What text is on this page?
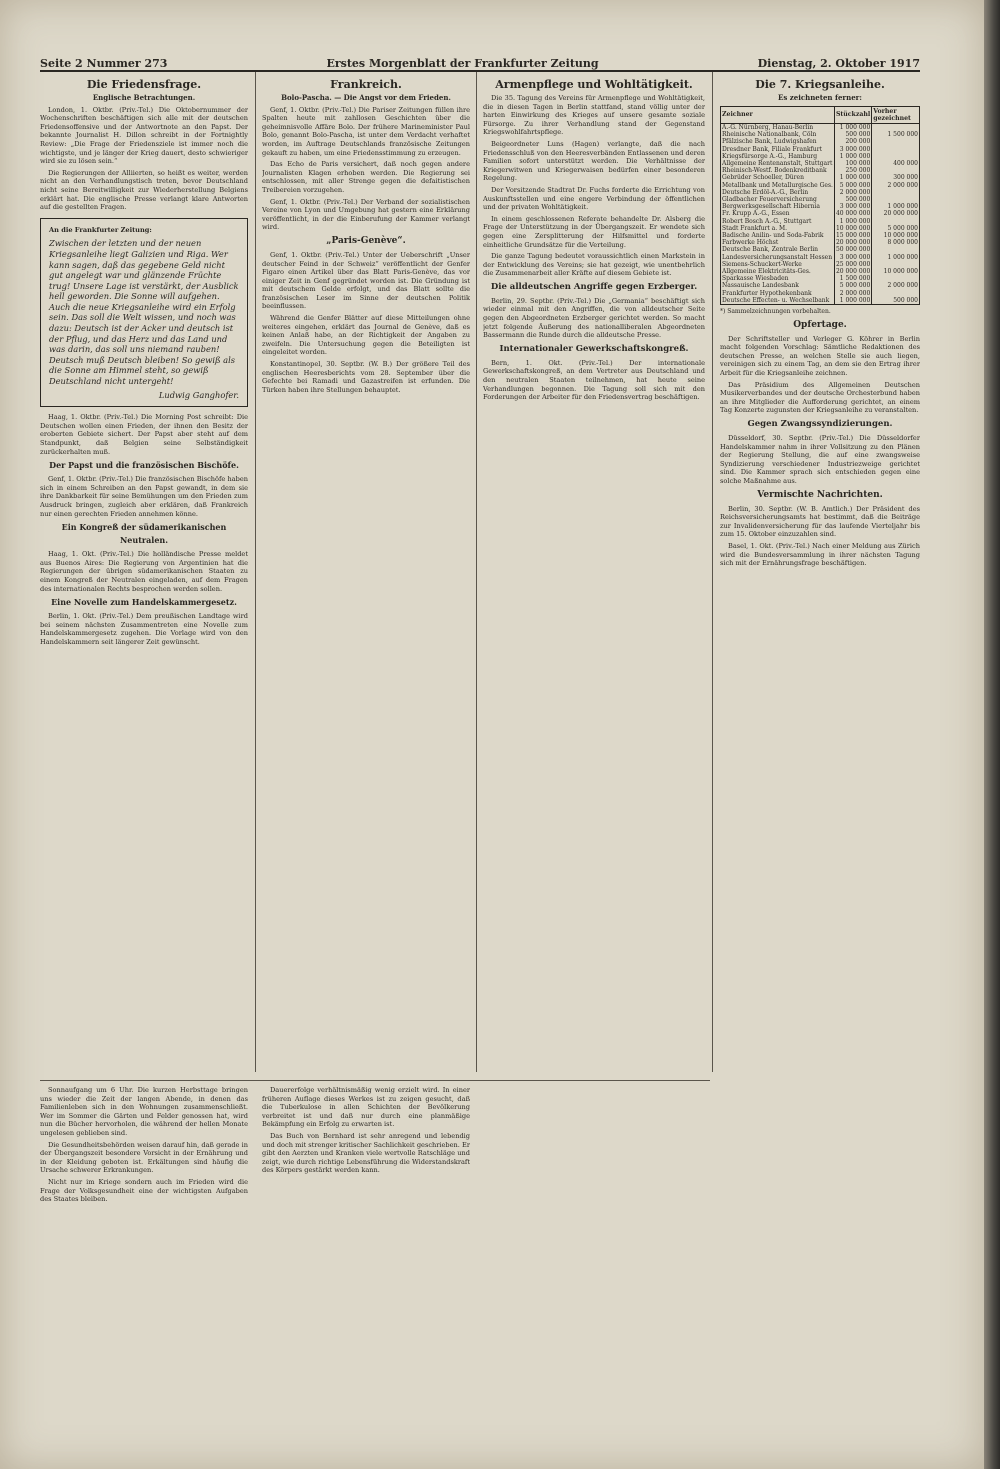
Seite 2 Nummer 273	Erstes Morgenblatt der Frankfurter Zeitung	Dienstag, 2. Oktober 1917
Die Friedensfrage.
Englische Betrachtungen.

London, 1. Oktbr. (Priv.-Tel.) Die Oktobernummer der Wochenschriften beschäftigen sich alle mit der deutschen Friedensoffensive und der Antwortnote an den Papst. Der bekannte Journalist H. Dillon schreibt in der Fortnightly Review: „Die Frage der Friedensziele ist immer noch die wichtigste, und je länger der Krieg dauert, desto schwieriger wird sie zu lösen sein.“

Die Regierungen der Alliierten, so heißt es weiter, werden nicht an den Verhandlungstisch treten, bevor Deutschland nicht seine Bereitwilligkeit zur Wiederherstellung Belgiens erklärt hat. Die englische Presse verlangt klare Antworten auf die gestellten Fragen.

An die Frankfurter Zeitung:
Zwischen der letzten und der neuen Kriegsanleihe liegt Galizien und Riga. Wer kann sagen, daß das gegebene Geld nicht gut angelegt war und glänzende Früchte trug! Unsere Lage ist verstärkt, der Ausblick hell geworden. Die Sonne will aufgehen. Auch die neue Kriegsanleihe wird ein Erfolg sein. Das soll die Welt wissen, und noch was dazu: Deutsch ist der Acker und deutsch ist der Pflug, und das Herz und das Land und was darin, das soll uns niemand rauben! Deutsch muß Deutsch bleiben! So gewiß als die Sonne am Himmel steht, so gewiß Deutschland nicht untergeht!
Ludwig Ganghofer.

Haag, 1. Oktbr. (Priv.-Tel.) Die Morning Post schreibt: Die Deutschen wollen einen Frieden, der ihnen den Besitz der eroberten Gebiete sichert. Der Papst aber steht auf dem Standpunkt, daß Belgien seine Selbständigkeit zurückerhalten muß.

Der Papst und die französischen Bischöfe.

Genf, 1. Oktbr. (Priv.-Tel.) Die französischen Bischöfe haben sich in einem Schreiben an den Papst gewandt, in dem sie ihre Dankbarkeit für seine Bemühungen um den Frieden zum Ausdruck bringen, zugleich aber erklären, daß Frankreich nur einen gerechten Frieden annehmen könne.

Ein Kongreß der südamerikanischen Neutralen.

Haag, 1. Okt. (Priv.-Tel.) Die holländische Presse meldet aus Buenos Aires: Die Regierung von Argentinien hat die Regierungen der übrigen südamerikanischen Staaten zu einem Kongreß der Neutralen eingeladen, auf dem Fragen des internationalen Rechts besprochen werden sollen.

Eine Novelle zum Handelskammergesetz.

Berlin, 1. Okt. (Priv.-Tel.) Dem preußischen Landtage wird bei seinem nächsten Zusammentreten eine Novelle zum Handelskammergesetz zugehen. Die Vorlage wird von den Handelskammern seit längerer Zeit gewünscht.

Frankreich.
Bolo-Pascha. — Die Angst vor dem Frieden.

Genf, 1. Oktbr. (Priv.-Tel.) Die Pariser Zeitungen füllen ihre Spalten heute mit zahllosen Geschichten über die geheimnisvolle Affäre Bolo. Der frühere Marineminister Paul Bolo, genannt Bolo-Pascha, ist unter dem Verdacht verhaftet worden, im Auftrage Deutschlands französische Zeitungen gekauft zu haben, um eine Friedensstimmung zu erzeugen.

Das Echo de Paris versichert, daß noch gegen andere Journalisten Klagen erhoben werden. Die Regierung sei entschlossen, mit aller Strenge gegen die defaitistischen Treibereien vorzugehen.

Genf, 1. Oktbr. (Priv.-Tel.) Der Verband der sozialistischen Vereine von Lyon und Umgebung hat gestern eine Erklärung veröffentlicht, in der die Einberufung der Kammer verlangt wird.

„Paris-Genève“.

Genf, 1. Oktbr. (Priv.-Tel.) Unter der Ueberschrift „Unser deutscher Feind in der Schweiz“ veröffentlicht der Genfer Figaro einen Artikel über das Blatt Paris-Genève, das vor einiger Zeit in Genf gegründet worden ist. Die Gründung ist mit deutschem Gelde erfolgt, und das Blatt sollte die französischen Leser im Sinne der deutschen Politik beeinflussen.

Während die Genfer Blätter auf diese Mitteilungen ohne weiteres eingehen, erklärt das Journal de Genève, daß es keinen Anlaß habe, an der Richtigkeit der Angaben zu zweifeln. Die Untersuchung gegen die Beteiligten ist eingeleitet worden.

Konstantinopel, 30. Septbr. (W. B.) Der größere Teil des englischen Heeresberichts vom 28. September über die Gefechte bei Ramadi und Gazastreifen ist erfunden. Die Türken haben ihre Stellungen behauptet.

Armenpflege und Wohltätigkeit.

Die 35. Tagung des Vereins für Armenpflege und Wohltätigkeit, die in diesen Tagen in Berlin stattfand, stand völlig unter der harten Einwirkung des Krieges auf unsere gesamte soziale Fürsorge. Zu ihrer Verhandlung stand der Gegenstand Kriegswohlfahrtspflege.

Beigeordneter Luns (Hagen) verlangte, daß die nach Friedensschluß von den Heeresverbänden Entlassenen und deren Familien sofort unterstützt werden. Die Verhältnisse der Kriegerwitwen und Kriegerwaisen bedürfen einer besonderen Regelung.

Der Vorsitzende Stadtrat Dr. Fuchs forderte die Errichtung von Auskunftsstellen und eine engere Verbindung der öffentlichen und der privaten Wohltätigkeit.

In einem geschlossenen Referate behandelte Dr. Alsberg die Frage der Unterstützung in der Übergangszeit. Er wendete sich gegen eine Zersplitterung der Hilfsmittel und forderte einheitliche Grundsätze für die Verteilung.

Die ganze Tagung bedeutet voraussichtlich einen Markstein in der Entwicklung des Vereins; sie hat gezeigt, wie unentbehrlich die Zusammenarbeit aller Kräfte auf diesem Gebiete ist.

Die alldeutschen Angriffe gegen Erzberger.

Berlin, 29. Septbr. (Priv.-Tel.) Die „Germania“ beschäftigt sich wieder einmal mit den Angriffen, die von alldeutscher Seite gegen den Abgeordneten Erzberger gerichtet werden. So macht jetzt folgende Äußerung des nationalliberalen Abgeordneten Bassermann die Runde durch die alldeutsche Presse.

Internationaler Gewerkschaftskongreß.

Bern, 1. Okt. (Priv.-Tel.) Der internationale Gewerkschaftskongreß, an dem Vertreter aus Deutschland und den neutralen Staaten teilnehmen, hat heute seine Verhandlungen begonnen. Die Tagung soll sich mit den Forderungen der Arbeiter für den Friedensvertrag beschäftigen.

Die 7. Kriegsanleihe.
Es zeichneten ferner:
Zeichner	Stückzahl	Vorher gezeichnet
A.-G. Nürnberg, Hanau-Berlin	1 000 000	
Rheinische Nationalbank, Cöln	500 000	1 500 000
Pfälzische Bank, Ludwigshafen	200 000	
Dresdner Bank, Filiale Frankfurt	3 000 000	
Kriegsfürsorge A.-G., Hamburg	1 000 000	
Allgemeine Rentenanstalt, Stuttgart	100 000	400 000
Rheinisch-Westf. Bodenkreditbank	250 000	
Gebrüder Schoeller, Düren	1 000 000	300 000
Metallbank und Metallurgische Ges.	5 000 000	2 000 000
Deutsche Erdöl-A.-G., Berlin	2 000 000	
Gladbacher Feuerversicherung	500 000	
Bergwerksgesellschaft Hibernia	3 000 000	1 000 000
Fr. Krupp A.-G., Essen	40 000 000	20 000 000
Robert Bosch A.-G., Stuttgart	1 000 000	
Stadt Frankfurt a. M.	10 000 000	5 000 000
Badische Anilin- und Soda-Fabrik	15 000 000	10 000 000
Farbwerke Höchst	20 000 000	8 000 000
Deutsche Bank, Zentrale Berlin	50 000 000	
Landesversicherungsanstalt Hessen	3 000 000	1 000 000
Siemens-Schuckert-Werke	25 000 000	
Allgemeine Elektricitäts-Ges.	20 000 000	10 000 000
Sparkasse Wiesbaden	1 500 000	
Nassauische Landesbank	5 000 000	2 000 000
Frankfurter Hypothekenbank	2 000 000	
Deutsche Effecten- u. Wechselbank	1 000 000	500 000
*) Sammelzeichnungen vorbehalten.
Opfertage.

Der Schriftsteller und Verleger G. Köhrer in Berlin macht folgenden Vorschlag: Sämtliche Redaktionen des deutschen Presse, an welchen Stelle sie auch liegen, vereinigen sich zu einem Tag, an dem sie den Ertrag ihrer Arbeit für die Kriegsanleihe zeichnen.

Das Präsidium des Allgemeinen Deutschen Musikerverbandes und der deutsche Orchesterbund haben an ihre Mitglieder die Aufforderung gerichtet, an einem Tag Konzerte zugunsten der Kriegsanleihe zu veranstalten.

Gegen Zwangssyndizierungen.

Düsseldorf, 30. Septbr. (Priv.-Tel.) Die Düsseldorfer Handelskammer nahm in ihrer Vollsitzung zu den Plänen der Regierung Stellung, die auf eine zwangsweise Syndizierung verschiedener Industriezweige gerichtet sind. Die Kammer sprach sich entschieden gegen eine solche Maßnahme aus.

Vermischte Nachrichten.

Berlin, 30. Septbr. (W. B. Amtlich.) Der Präsident des Reichsversicherungsamts hat bestimmt, daß die Beiträge zur Invalidenversicherung für das laufende Vierteljahr bis zum 15. Oktober einzuzahlen sind.

Basel, 1. Okt. (Priv.-Tel.) Nach einer Meldung aus Zürich wird die Bundesversammlung in ihrer nächsten Tagung sich mit der Ernährungsfrage beschäftigen.

Sonnaufgang um 6 Uhr. Die kurzen Herbsttage bringen uns wieder die Zeit der langen Abende, in denen das Familienleben sich in den Wohnungen zusammenschließt. Wer im Sommer die Gärten und Felder genossen hat, wird nun die Bücher hervorholen, die während der hellen Monate ungelesen geblieben sind.

Die Gesundheitsbehörden weisen darauf hin, daß gerade in der Übergangszeit besondere Vorsicht in der Ernährung und in der Kleidung geboten ist. Erkältungen sind häufig die Ursache schwerer Erkrankungen.

Nicht nur im Kriege sondern auch im Frieden wird die Frage der Volksgesundheit eine der wichtigsten Aufgaben des Staates bleiben.

Dauererfolge verhältnismäßig wenig erzielt wird. In einer früheren Auflage dieses Werkes ist zu zeigen gesucht, daß die Tuberkulose in allen Schichten der Bevölkerung verbreitet ist und daß nur durch eine planmäßige Bekämpfung ein Erfolg zu erwarten ist.

Das Buch von Bernhard ist sehr anregend und lebendig und doch mit strenger kritischer Sachlichkeit geschrieben. Er gibt den Aerzten und Kranken viele wertvolle Ratschläge und zeigt, wie durch richtige Lebensführung die Widerstandskraft des Körpers gestärkt werden kann.
